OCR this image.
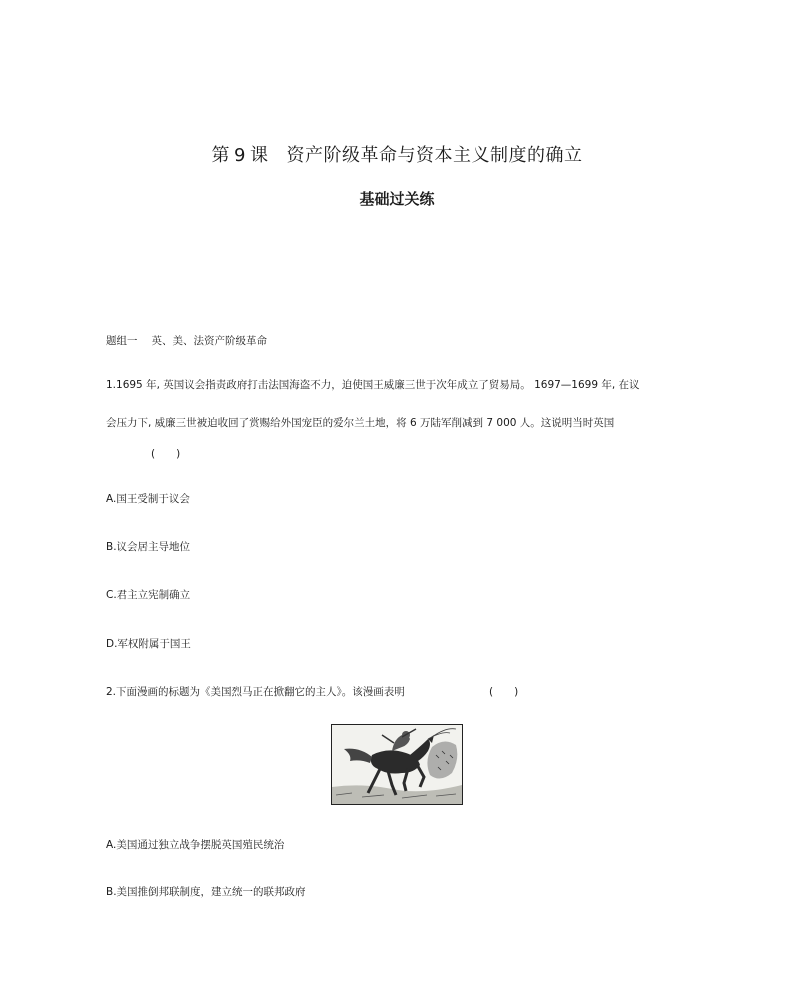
第 9 课 资产阶级革命与资本主义制度的确立
基础过关练
题组一 英、美、法资产阶级革命
1.1695 年, 英国议会指责政府打击法国海盗不力，迫使国王威廉三世于次年成立了贸易局。 1697—1699 年, 在议
会压力下, 威廉三世被迫收回了赏赐给外国宠臣的爱尔兰土地，将 6 万陆军削减到 7 000 人。这说明当时英国
(　　)
A.国王受制于议会
B.议会居主导地位
C.君主立宪制确立
D.军权附属于国王
2.下面漫画的标题为《美国烈马正在掀翻它的主人》。该漫画表明	(　　)
A.美国通过独立战争摆脱英国殖民统治
B.美国推倒邦联制度，建立统一的联邦政府
